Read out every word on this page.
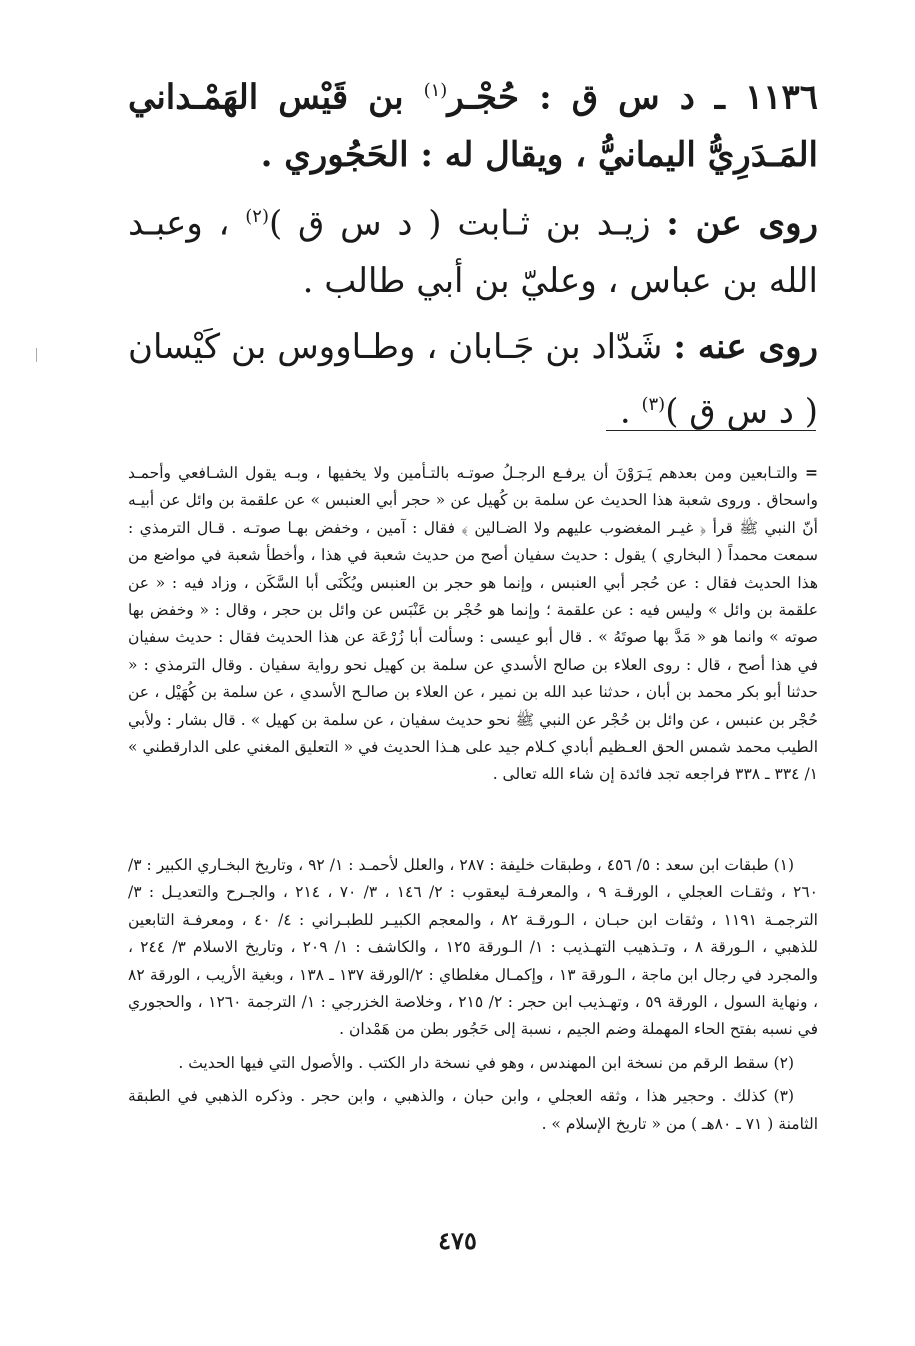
١١٣٦ ـ د س ق : حُجْـر$^{(١)}$ بن قَيْس الهَمْـداني المَـدَرِيُّ اليمانيُّ ، ويقال له : الحَجُوري .
روى عن : زيـد بن ثـابت ( د س ق )$^{(٢)}$ ، وعبـد الله بن عباس ، وعليّ بن أبي طالب .
روى عنه : شَدّاد بن جَـابان ، وطـاووس بن كَيْسان ( د س ق )$^{(٣)}$ .
= والتـابعين ومن بعدهم يَـرَوْنَ أن يرفـع الرجـلُ صوتـه بالتـأمين ولا يخفيها ، وبـه يقول الشـافعي وأحمـد واسحاق . وروى شعبة هذا الحديث عن سلمة بن كُهيل عن « حجر أبي العنبس » عن علقمة بن وائل عن أبيـه أنّ النبي ﷺ قرأ ﴿ غيـر المغضوب عليهم ولا الضـالين ﴾ فقال : آمين ، وخفض بهـا صوتـه . قـال الترمذي : سمعت محمداً ( البخاري ) يقول : حديث سفيان أصح من حديث شعبة في هذا ، وأخطأ شعبة في مواضع من هذا الحديث فقال : عن حُجر أبي العنبس ، وإنما هو حجر بن العنبس ويُكْنَى أبا السَّكَن ، وزاد فيه : « عن علقمة بن وائل » وليس فيه : عن علقمة ؛ وإنما هو حُجْر بن عَنْبَس عن وائل بن حجر ، وقال : « وخفض بها صوته » وانما هو « مَدَّ بها صوتَهُ » . قال أبو عيسى : وسألت أبا زُرْعَة عن هذا الحديث فقال : حديث سفيان في هذا أصح ، قال : روى العلاء بن صالح الأسدي عن سلمة بن كهيل نحو رواية سفيان . وقال الترمذي : « حدثنا أبو بكر محمد بن أبان ، حدثنا عبد الله بن نمير ، عن العلاء بن صالـح الأسدي ، عن سلمة بن كُهَيْل ، عن حُجْر بن عنبس ، عن وائل بن حُجْر عن النبي ﷺ نحو حديث سفيان ، عن سلمة بن كهيل » . قال بشار : ولأبي الطيب محمد شمس الحق العـظيم أبادي كـلام جيد على هـذا الحديث في « التعليق المغني على الدارقطني » ١/ ٣٣٤ ـ ٣٣٨ فراجعه تجد فائدة إن شاء الله تعالى .

(١) طبقات ابن سعد : ٥/ ٤٥٦ ، وطبقات خليفة : ٢٨٧ ، والعلل لأحمـد : ١/ ٩٢ ، وتاريخ البخـاري الكبير : ٣/ ٢٦٠ ، وثقـات العجلي ، الورقـة ٩ ، والمعرفـة ليعقوب : ٢/ ١٤٦ ، ٣/ ٧٠ ، ٢١٤ ، والجـرح والتعديـل : ٣/ الترجمـة ١١٩١ ، وثقات ابن حبـان ، الـورقـة ٨٢ ، والمعجم الكبيـر للطبـراني : ٤/ ٤٠ ، ومعرفـة التابعين للذهبي ، الـورقة ٨ ، وتـذهيب التهـذيب : ١/ الـورقة ١٢٥ ، والكاشف : ١/ ٢٠٩ ، وتاريخ الاسلام ٣/ ٢٤٤ ، والمجرد في رجال ابن ماجة ، الـورقة ١٣ ، وإكمـال مغلطاي : ٢/الورقة ١٣٧ ـ ١٣٨ ، وبغية الأريب ، الورقة ٨٢ ، ونهاية السول ، الورقة ٥٩ ، وتهـذيب ابن حجر : ٢/ ٢١٥ ، وخلاصة الخزرجي : ١/ الترجمة ١٢٦٠ ، والحجوري في نسبه بفتح الحاء المهملة وضم الجيم ، نسبة إلى حَجُور بطن من هَمْدان .

(٢) سقط الرقم من نسخة ابن المهندس ، وهو في نسخة دار الكتب . والأصول التي فيها الحديث .

(٣) كذلك . وحجير هذا ، وثقه العجلي ، وابن حبان ، والذهبي ، وابن حجر . وذكره الذهبي في الطبقة الثامنة ( ٧١ ـ ٨٠هـ ) من « تاريخ الإسلام » .

٤٧٥
